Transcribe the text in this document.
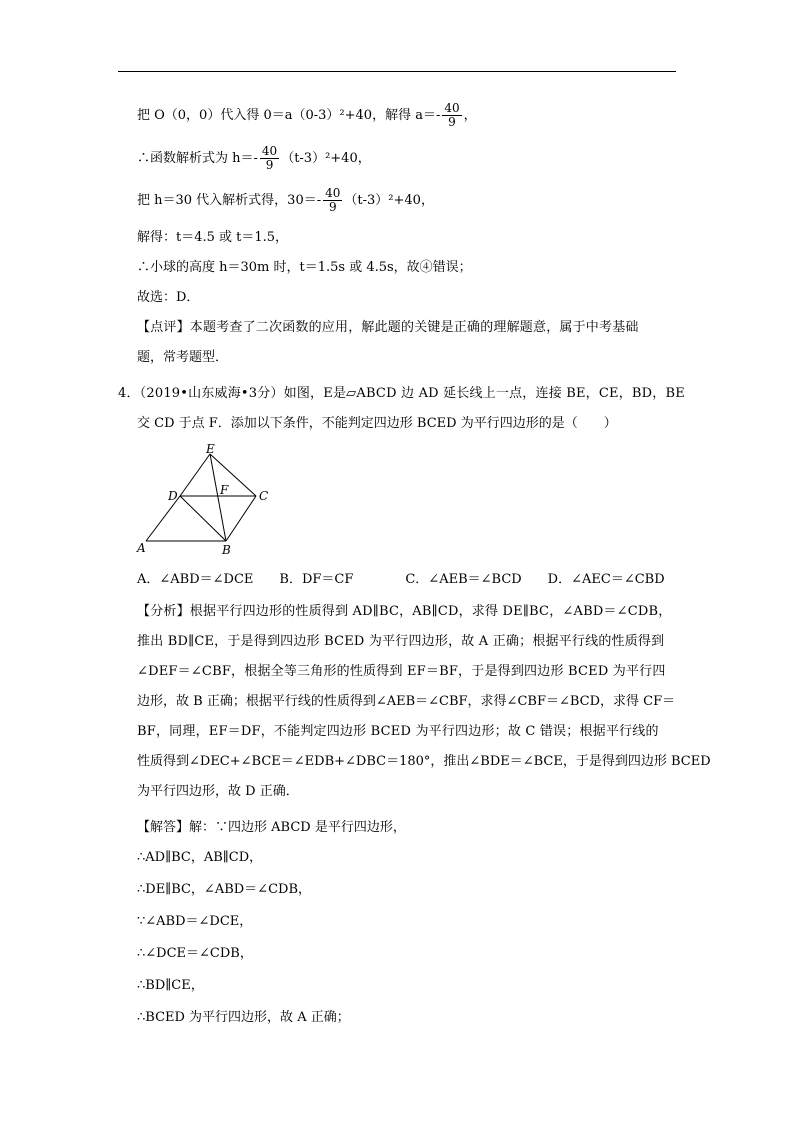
把 O（0，0）代入得 0＝a（0-3）²+40，解得 $a=- \frac{40}{9}$ ，
∴函数解析式为 $h=- \frac{40}{9} (t-3)^2+40$，
把 h＝30 代入解析式得，$30=- \frac{40}{9} (t-3)^2+40$，
解得：t＝4.5 或 t＝1.5，
∴小球的高度 h＝30m 时，t＝1.5s 或 4.5s，故④错误；
故选：D．
【点评】本题考查了二次函数的应用，解此题的关键是正确的理解题意，属于中考基础
题，常考题型．
4．（2019•山东威海•3分）如图，E是▱ABCD 边 AD 延长线上一点，连接 BE，CE，BD，BE
交 CD 于点 F．添加以下条件，不能判定四边形 BCED 为平行四边形的是（　　）
E
D	F	C
A	B
A．∠ABD＝∠DCE　　B．DF＝CF　　　　C．∠AEB＝∠BCD　　D．∠AEC＝∠CBD
【分析】根据平行四边形的性质得到 AD∥BC，AB∥CD，求得 DE∥BC，∠ABD＝∠CDB，
推出 BD∥CE，于是得到四边形 BCED 为平行四边形，故 A 正确；根据平行线的性质得到
∠DEF＝∠CBF，根据全等三角形的性质得到 EF＝BF，于是得到四边形 BCED 为平行四
边形，故 B 正确；根据平行线的性质得到∠AEB＝∠CBF，求得∠CBF＝∠BCD，求得 CF＝
BF，同理，EF＝DF，不能判定四边形 BCED 为平行四边形；故 C 错误；根据平行线的
性质得到∠DEC+∠BCE＝∠EDB+∠DBC＝180°，推出∠BDE＝∠BCE，于是得到四边形 BCED
为平行四边形，故 D 正确．
【解答】解：∵四边形 ABCD 是平行四边形，
∴AD∥BC，AB∥CD，
∴DE∥BC，∠ABD＝∠CDB，
∵∠ABD＝∠DCE，
∴∠DCE＝∠CDB，
∴BD∥CE，
∴BCED 为平行四边形，故 A 正确；
